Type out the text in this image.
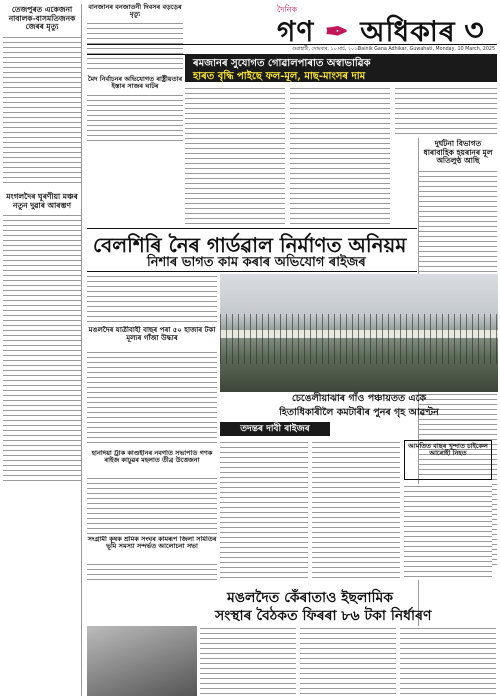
তেজপুৰত একেজনা নাবালক-বাসমতিজনক জেৰৰ মৃত্যু
মংগলদৈৰ ঘূৰণীয়া মঞ্চৰ নতুন দুৱাৰ আৰম্ভণ
দৈনিক
গণ ✒ অধিকাৰ ৩
বানজানৰ বনজাতনী দিবসৰ বড়ড়েৰ মৃত্যু
মৈদ নিৰ্বাচনৰ অভিযোগত ৰাষ্ট্ৰীয়তাৰ ইস্তাৰ সাজৰ ঘাটৰ
গুৱাহাটী, সোমবাৰ, ১০ মাৰ্চ, ২০২৫
Dainik Gana Adhikar, Guwahati, Monday, 10 March, 2025
ৰমজানৰ সুযোগত গোৱালপাৰাত অস্বাভাৱিক
হাৰত বৃদ্ধি পাইছে ফল-মূল, মাছ-মাংসৰ দাম
দুৰ্ঘটনা বিভাগত ধাৰাবাহিক হয়ৰানৰ মূল অতিলুণ্ঠ আছি
বেলশিৰি নৈৰ গাৰ্ডৱাল নিৰ্মাণত অনিয়ম
নিশাৰ ভাগত কাম কৰাৰ অভিযোগ ৰাইজৰ
মঙলদৈৰ যাত্ৰীবাহী বাছৰ পৰা ৫০ হাজাৰ টকা মূল্যৰ গাঁজা উদ্ধাৰ
চেঙেলীয়াঝাৰ গাঁও পঞ্চায়তত একে
হিতাধিকাৰীলৈ কমটাৰীৰ পুনৰ গৃহ আৱণ্টন
তদন্তৰ দাবী ৰাইজৰ
আমতিত বাছৰ খুন্দাত চাইকেল আৰোহী নিহত
হানদিয়া ট্ৰাক কাণ্ডহীনৰ নবগতি সভাপতি গণক ৰাইজ কাঢ়ুৱৰ মহলাত তীব্ৰ উত্তেজনা
সংগ্ৰামী কৃষক শ্ৰমিক সংঘৰ কামৰূপ জিলা সমিতিৰ ভূমি সমস্যা সন্দৰ্ভত আলোচনা সভা
মঙলদৈত কেঁৰাতাও ইছলামিক
সংস্থাৰ বৈঠকত ফিৰৰা ৮৬ টকা নিৰ্ধাৰণ
